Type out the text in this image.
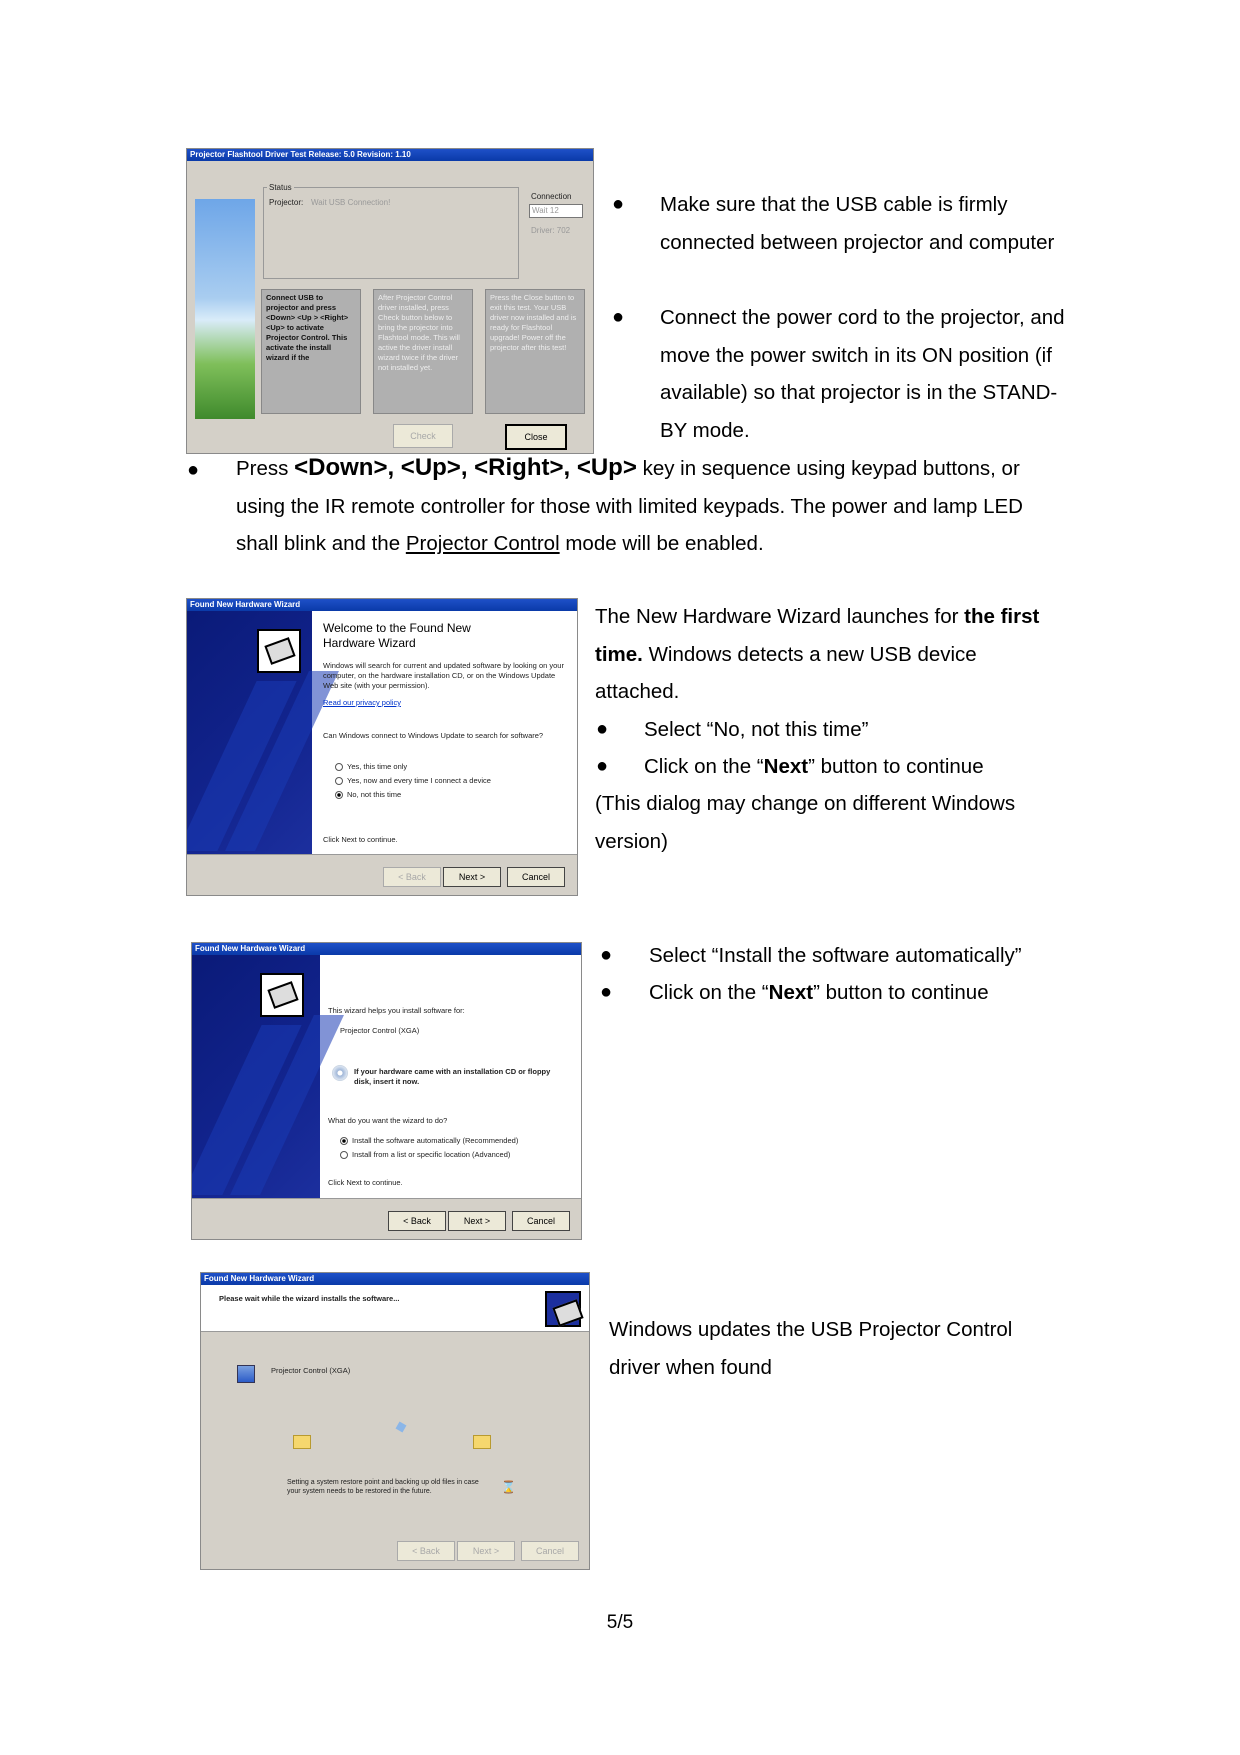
Projector Flashtool Driver Test Release: 5.0 Revision: 1.10
Status
Projector: Wait USB Connection!
Connection
Wait 12
Driver: 702
Connect USB to projector and press <Down> <Up > <Right> <Up> to activate Projector Control. This activate the install wizard if the
After Projector Control driver installed, press Check button below to bring the projector into Flashtool mode. This will active the driver install wizard twice if the driver not installed yet.
Press the Close button to exit this test. Your USB driver now installed and is ready for Flashtool upgrade! Power off the projector after this test!
Check	Close
● Make sure that the USB cable is firmly connected between projector and computer
● Connect the power cord to the projector, and move the power switch in its ON position (if available) so that projector is in the STAND-BY mode.
● Press <Down>, <Up>, <Right>, <Up> key in sequence using keypad buttons, or using the IR remote controller for those with limited keypads. The power and lamp LED shall blink and the Projector Control mode will be enabled.
Found New Hardware Wizard
Welcome to the Found New Hardware Wizard
Windows will search for current and updated software by looking on your computer, on the hardware installation CD, or on the Windows Update Web site (with your permission).
Read our privacy policy
Can Windows connect to Windows Update to search for software?
Yes, this time only
Yes, now and every time I connect a device
No, not this time
Click Next to continue.
< Back	Next >	Cancel
The New Hardware Wizard launches for the first time. Windows detects a new USB device attached.
● Select “No, not this time”
● Click on the “Next” button to continue
(This dialog may change on different Windows version)
Found New Hardware Wizard
This wizard helps you install software for:
Projector Control (XGA)
If your hardware came with an installation CD or floppy disk, insert it now.
What do you want the wizard to do?
Install the software automatically (Recommended)
Install from a list or specific location (Advanced)
Click Next to continue.
< Back	Next >	Cancel
● Select “Install the software automatically”
● Click on the “Next” button to continue
Found New Hardware Wizard
Please wait while the wizard installs the software...
Projector Control (XGA)
Setting a system restore point and backing up old files in case your system needs to be restored in the future.	⌛
< Back	Next >	Cancel
Windows updates the USB Projector Control driver when found
5/5
